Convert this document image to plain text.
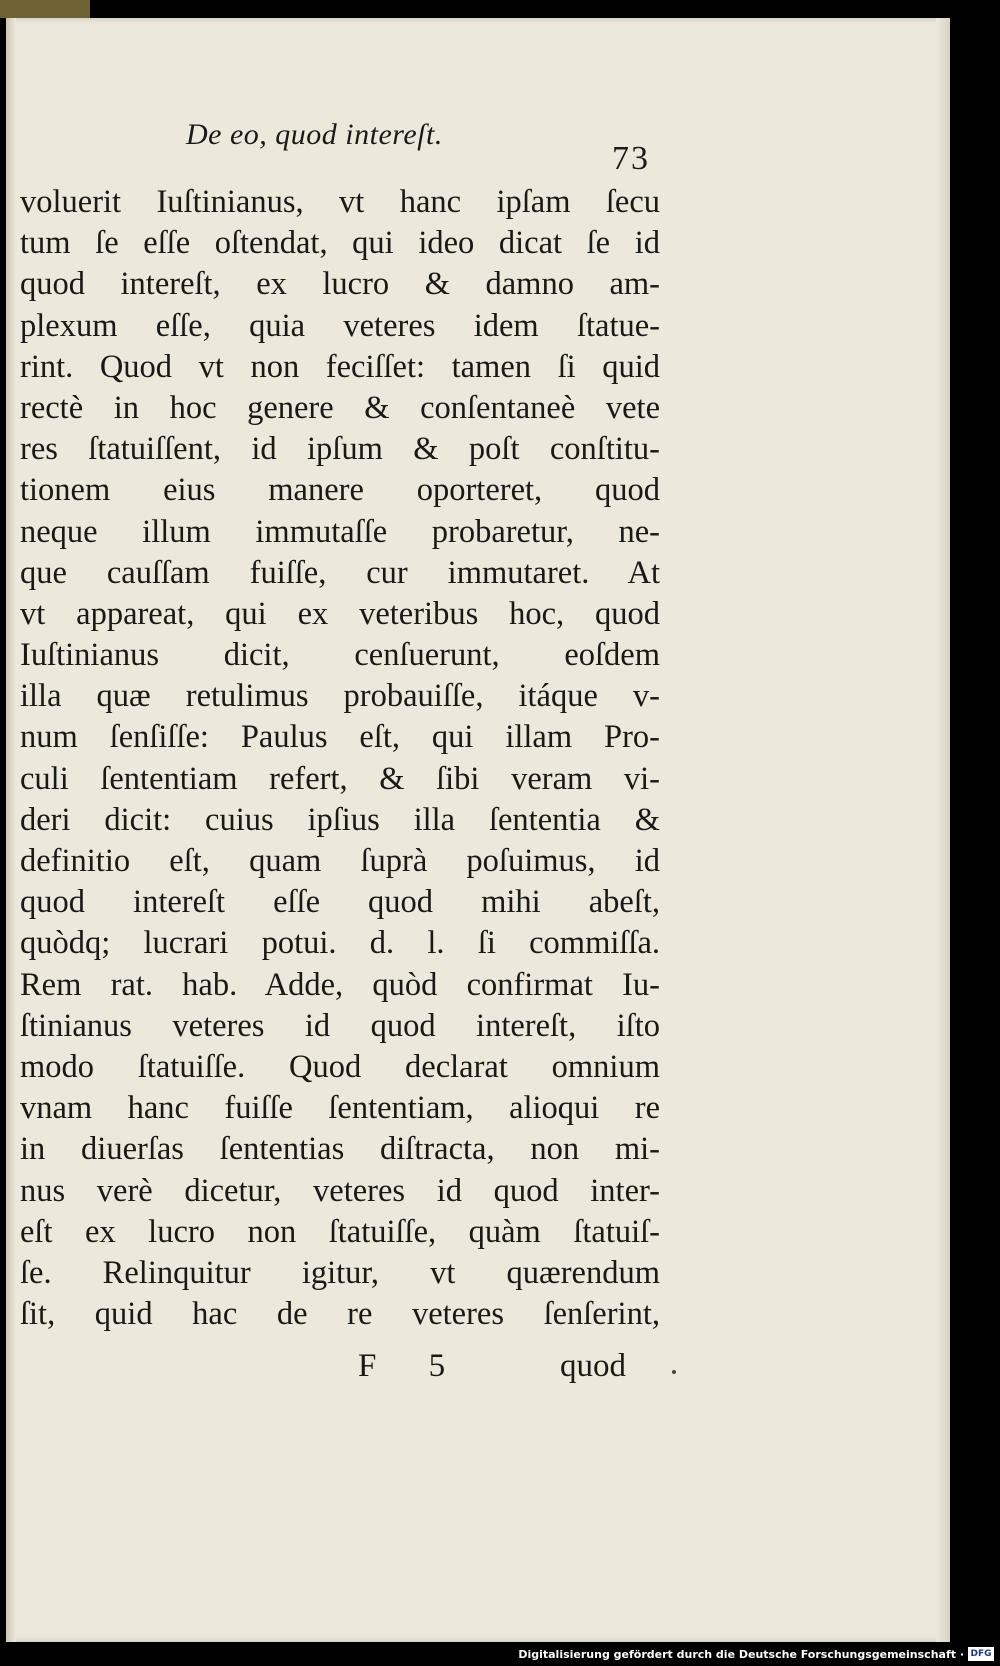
De eo, quod intereſt.
73
voluerit Iuſtinianus, vt hanc ipſam ſecu
tum ſe eſſe oſtendat, qui ideo dicat ſe id
quod intereſt, ex lucro & damno am-
plexum eſſe, quia veteres idem ſtatue-
rint. Quod vt non feciſſet: tamen ſi quid
rectè in hoc genere & conſentaneè vete
res ſtatuiſſent, id ipſum & poſt conſtitu-
tionem eius manere oporteret, quod
neque illum immutaſſe probaretur, ne-
que cauſſam fuiſſe, cur immutaret. At
vt appareat, qui ex veteribus hoc, quod
Iuſtinianus dicit, cenſuerunt, eoſdem
illa quæ retulimus probauiſſe, itáque v-
num ſenſiſſe: Paulus eſt, qui illam Pro-
culi ſententiam refert, & ſibi veram vi-
deri dicit: cuius ipſius illa ſententia &
definitio eſt, quam ſuprà poſuimus, id
quod intereſt eſſe quod mihi abeſt,
quòdq; lucrari potui. d. l. ſi commiſſa.
Rem rat. hab. Adde, quòd confirmat Iu-
ſtinianus veteres id quod intereſt, iſto
modo ſtatuiſſe. Quod declarat omnium
vnam hanc fuiſſe ſententiam, alioqui re
in diuerſas ſententias diſtracta, non mi-
nus verè dicetur, veteres id quod inter-
eſt ex lucro non ſtatuiſſe, quàm ſtatuiſ-
ſe. Relinquitur igitur, vt quærendum
ſit, quid hac de re veteres ſenſerint,
F 5	quod
Digitalisierung gefördert durch die Deutsche Forschungsgemeinschaft · DFG
